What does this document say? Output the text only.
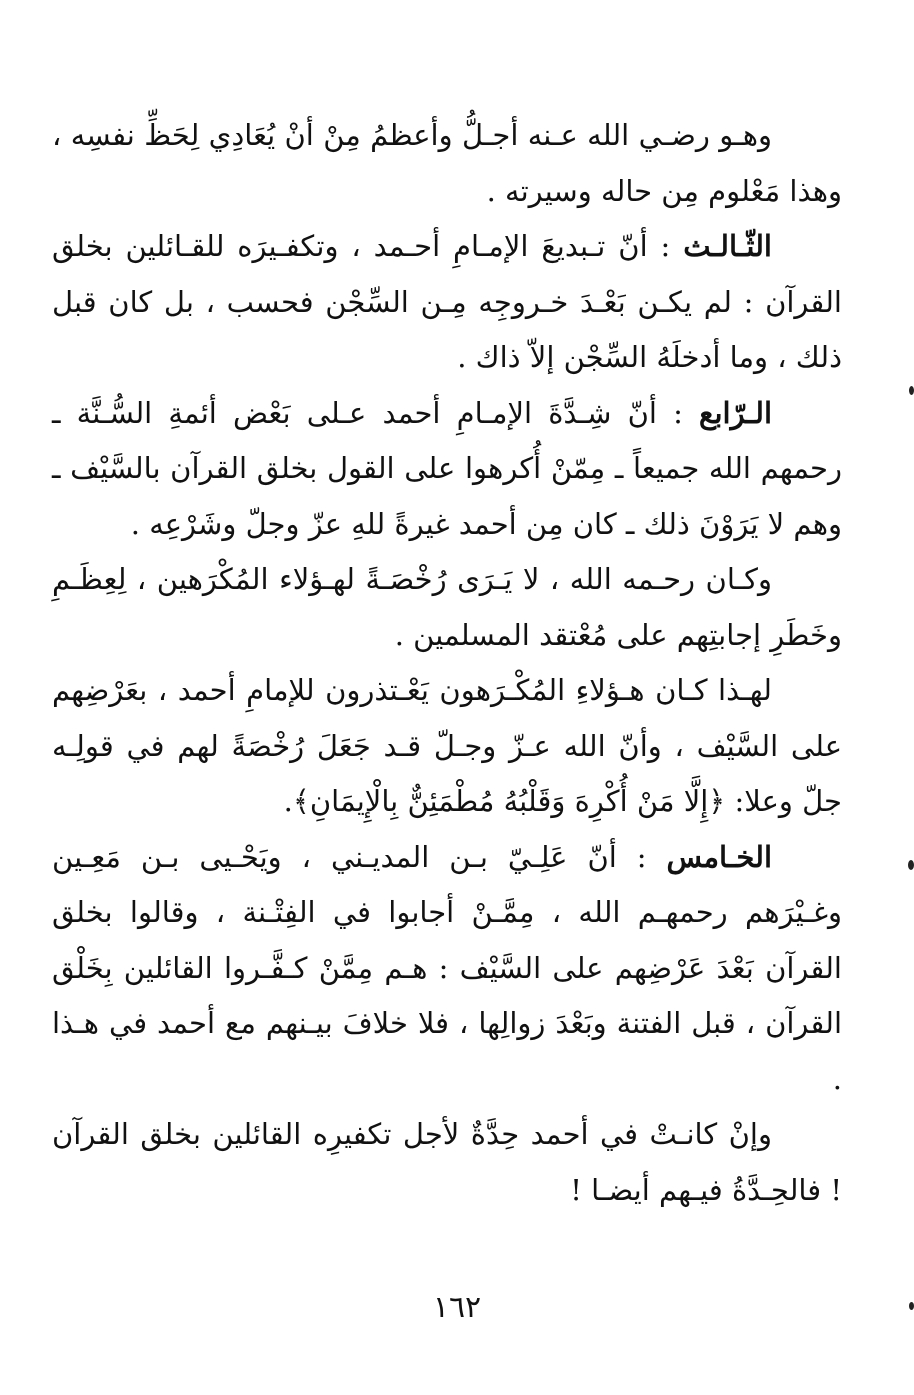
وهـو رضـي الله عـنه أجـلُّ وأعظمُ مِنْ أنْ يُعَادِي لِحَظِّ نفسِه ، وهذا مَعْلوم مِن حاله وسيرته .

الثّـالـث : أنّ تـبديعَ الإمـامِ أحـمد ، وتكفـيرَه للقـائلين بخلق القرآن : لم يكـن بَعْـدَ خـروجِه مِـن السِّجْن فحسب ، بل كان قبل ذلك ، وما أدخلَهُ السِّجْن إلاّ ذاك .

الـرّابع : أنّ شِـدَّةَ الإمـامِ أحمد عـلى بَعْض أئمةِ السُّـنَّة ـ رحمهم الله جميعاً ـ مِمّنْ أُكرهوا على القول بخلق القرآن بالسَّيْف ـ وهم لا يَرَوْنَ ذلك ـ كان مِن أحمد غيرةً للهِ عزّ وجلّ وشَرْعِه .

وكـان رحـمه الله ، لا يَـرَى رُخْصَـةً لهـؤلاء المُكْرَهين ، لِعِظَـمِ وخَطَرِ إجابتِهم على مُعْتقد المسلمين .

لهـذا كـان هـؤلاءِ المُكْـرَهون يَعْـتذرون للإمامِ أحمد ، بعَرْضِهم على السَّيْف ، وأنّ الله عـزّ وجـلّ قـد جَعَلَ رُخْصَةً لهم في قولِـه جلّ وعلا: ﴿إِلَّا مَنْ أُكْرِهَ وَقَلْبُهُ مُطْمَئِنٌّ بِالْإِيمَانِ﴾.

الخـامس : أنّ عَلِـيّ بـن المديـني ، ويَحْـيى بـن مَعِـين وغـيْرَهم رحمهـم الله ، مِمَّـنْ أجابوا في الفِتْـنة ، وقالوا بخلق القرآن بَعْدَ عَرْضِهم على السَّيْف : هـم مِمَّنْ كـفَّـروا القائلين بِخَلْق القرآن ، قبل الفتنة وبَعْدَ زوالِها ، فلا خلافَ بيـنهم مع أحمد في هـذا .

وإنْ كانـتْ في أحمد حِدَّةٌ لأجل تكفيرِه القائلين بخلق القرآن ! فالحِـدَّةُ فيـهم أيضـا !

١٦٢
